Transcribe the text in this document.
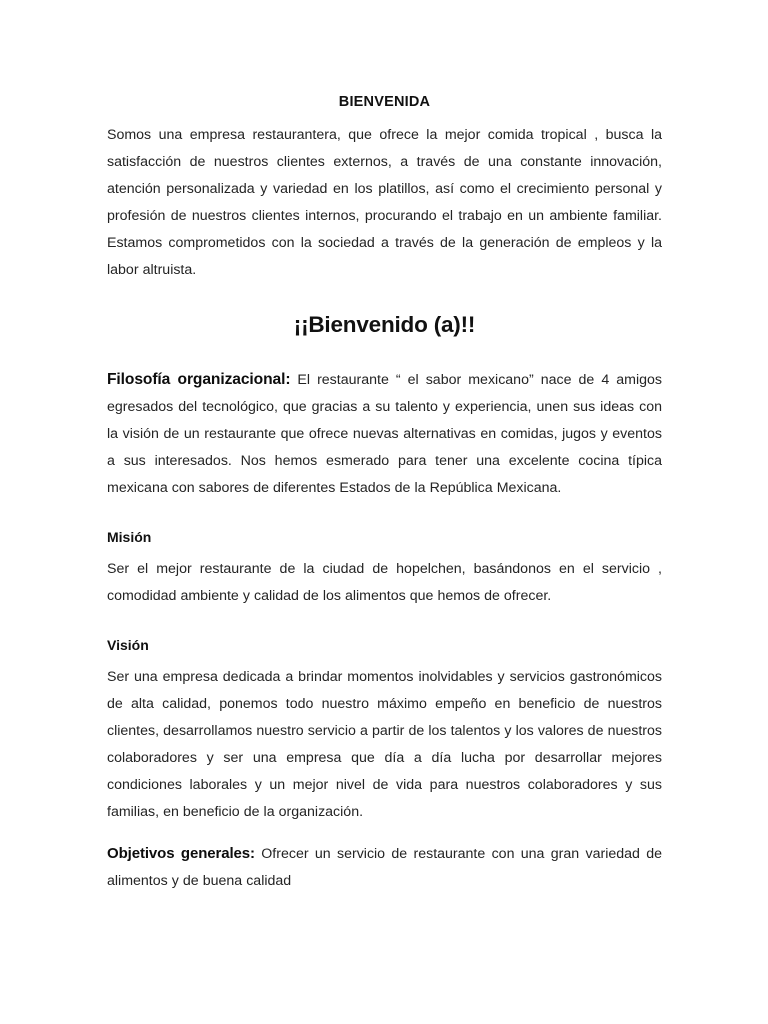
BIENVENIDA

Somos una empresa restaurantera, que ofrece la mejor comida tropical , busca la satisfacción de nuestros clientes externos, a través de una constante innovación, atención personalizada y variedad en los platillos, así como el crecimiento personal y profesión de nuestros clientes internos, procurando el trabajo en un ambiente familiar. Estamos comprometidos con la sociedad a través de la generación de empleos y la labor altruista.

¡¡Bienvenido (a)!!

Filosofía organizacional: El restaurante “ el sabor mexicano” nace de 4 amigos egresados del tecnológico, que gracias a su talento y experiencia, unen sus ideas con la visión de un restaurante que ofrece nuevas alternativas en comidas, jugos y eventos a sus interesados. Nos hemos esmerado para tener una excelente cocina típica mexicana con sabores de diferentes Estados de la República Mexicana.

Misión

Ser el mejor restaurante de la ciudad de hopelchen, basándonos en el servicio , comodidad ambiente y calidad de los alimentos que hemos de ofrecer.

Visión

Ser una empresa dedicada a brindar momentos inolvidables y servicios gastronómicos de alta calidad, ponemos todo nuestro máximo empeño en beneficio de nuestros clientes, desarrollamos nuestro servicio a partir de los talentos y los valores de nuestros colaboradores y ser una empresa que día a día lucha por desarrollar mejores condiciones laborales y un mejor nivel de vida para nuestros colaboradores y sus familias, en beneficio de la organización.

Objetivos generales: Ofrecer un servicio de restaurante con una gran variedad de alimentos y de buena calidad
